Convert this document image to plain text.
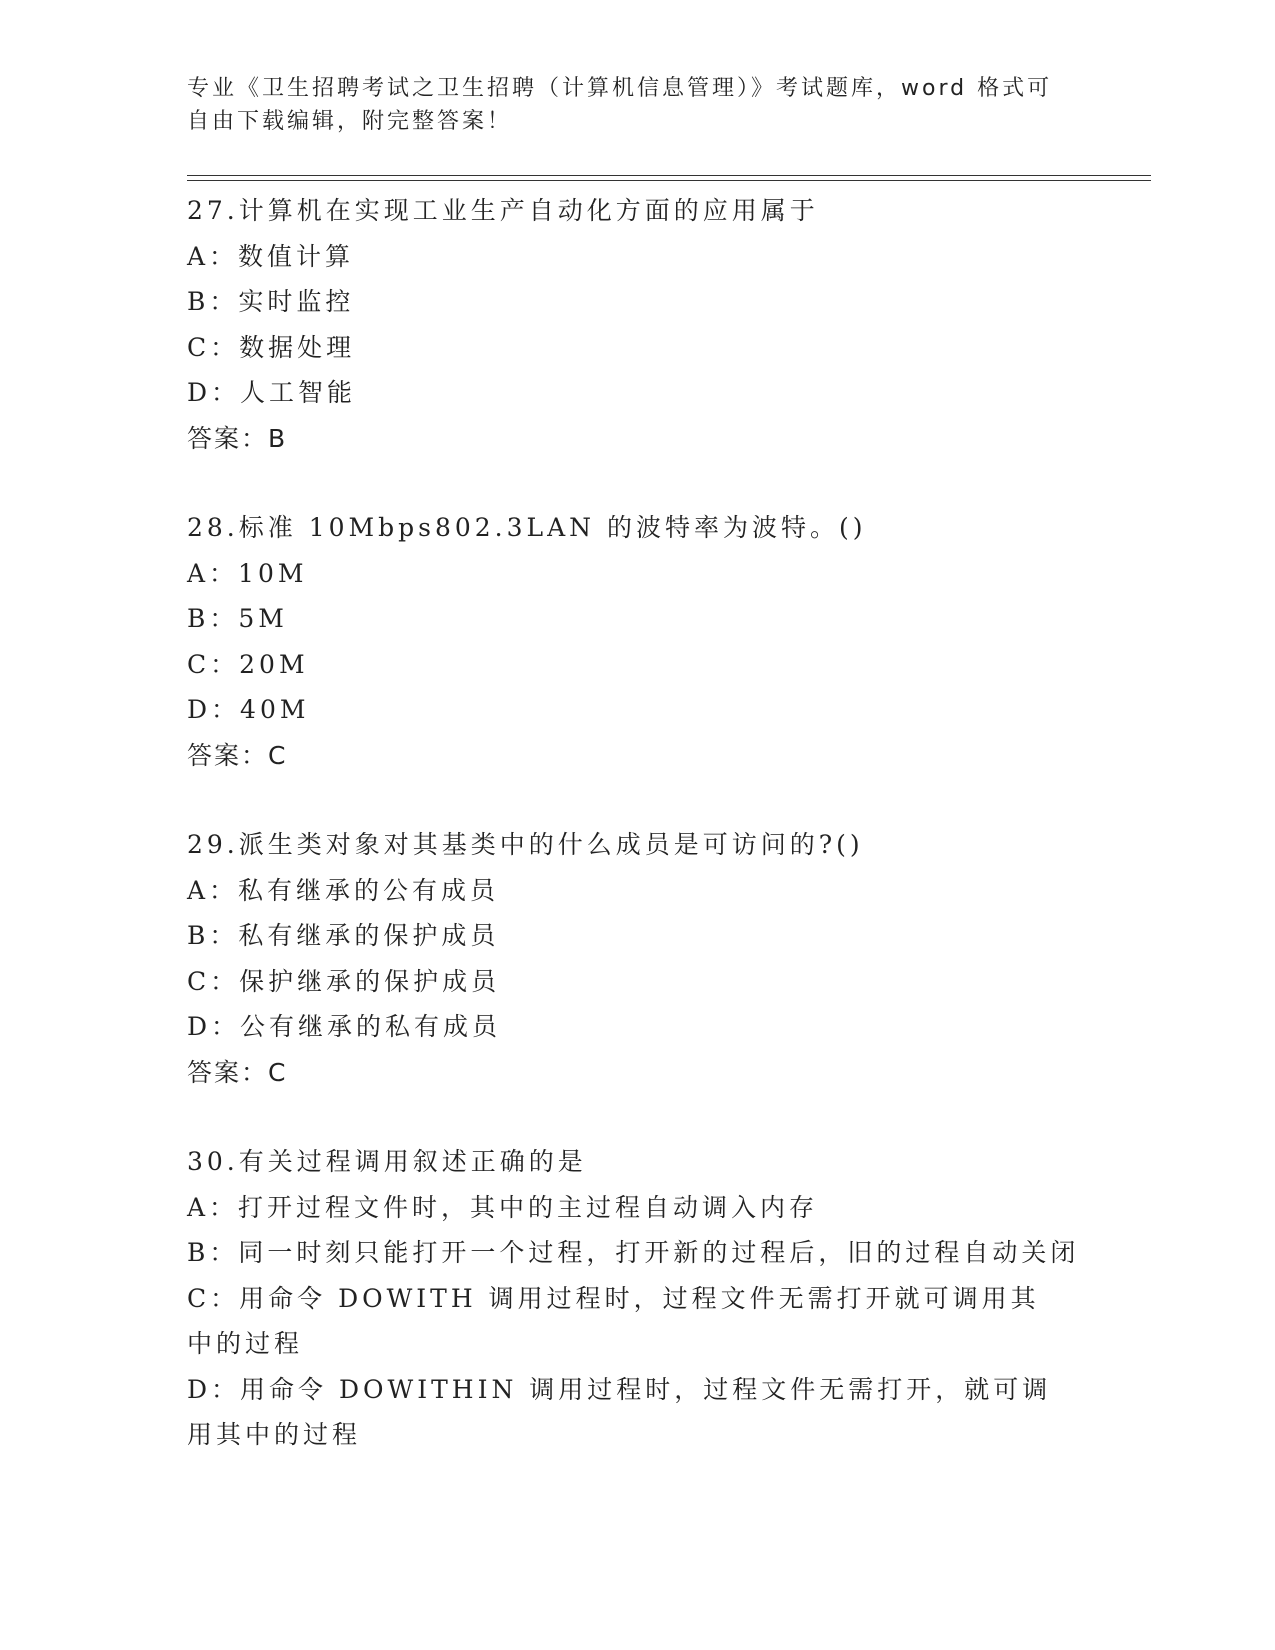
专业《卫生招聘考试之卫生招聘（计算机信息管理）》考试题库，word 格式可自由下载编辑，附完整答案！
27.计算机在实现工业生产自动化方面的应用属于
A：数值计算
B：实时监控
C：数据处理
D：人工智能
答案：B
28.标准 10Mbps802.3LAN 的波特率为波特。()
A：10M
B：5M
C：20M
D：40M
答案：C
29.派生类对象对其基类中的什么成员是可访问的?()
A：私有继承的公有成员
B：私有继承的保护成员
C：保护继承的保护成员
D：公有继承的私有成员
答案：C
30.有关过程调用叙述正确的是
A：打开过程文件时，其中的主过程自动调入内存
B：同一时刻只能打开一个过程，打开新的过程后，旧的过程自动关闭
C：用命令 DOWITH 调用过程时，过程文件无需打开就可调用其中的过程
D：用命令 DOWITHIN 调用过程时，过程文件无需打开，就可调用其中的过程
